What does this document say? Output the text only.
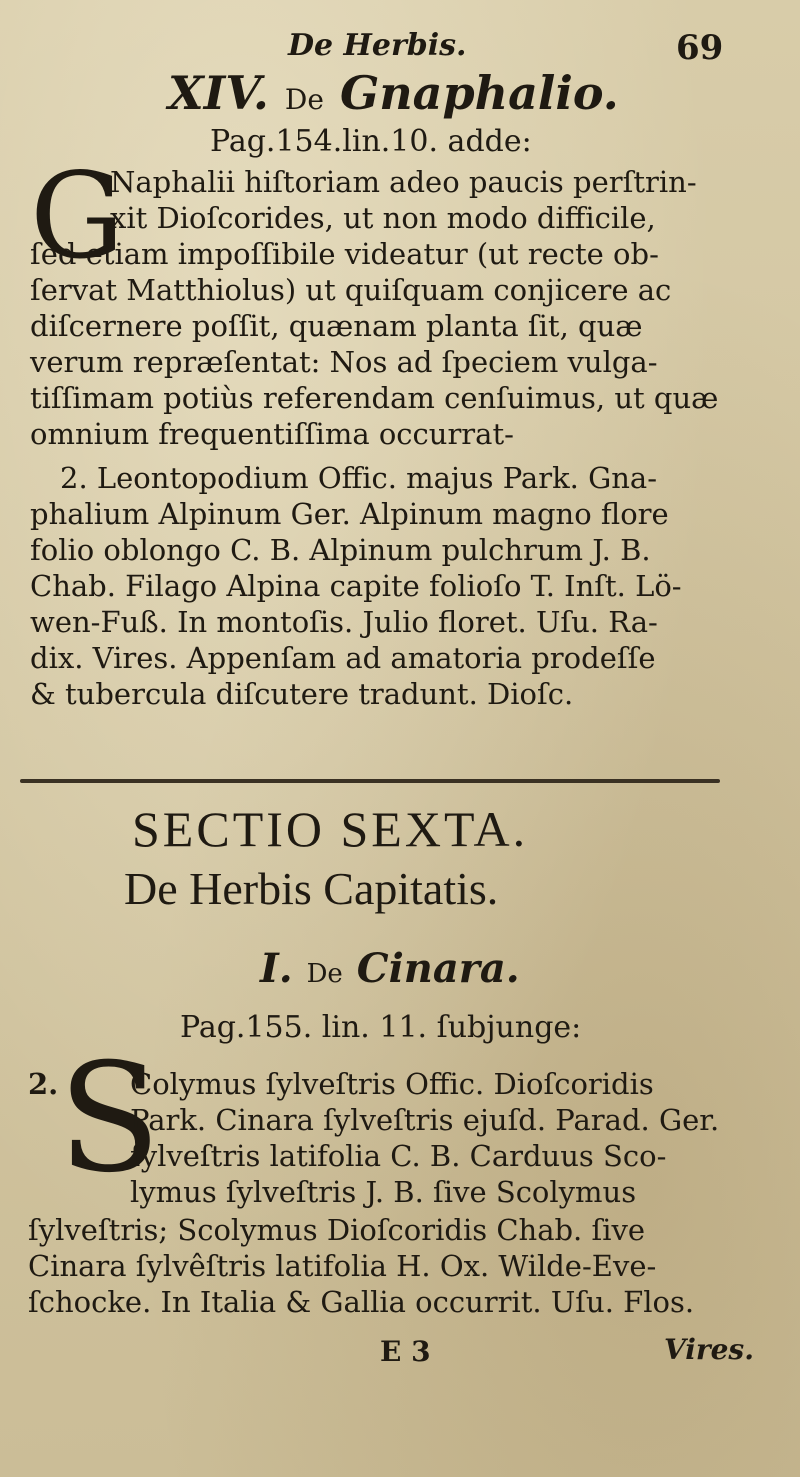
De Herbis.	69
XIV. De Gnaphalio.
Pag.154.lin.10. adde:
G
Naphalii hiſtoriam adeo paucis perſtrin-
xit Dioſcorides, ut non modo difficile,
ſed etiam impoſſibile videatur (ut recte ob-
ſervat Matthiolus) ut quiſquam conjicere ac
diſcernere poſſit, quænam planta ſit, quæ
verum repræſentat: Nos ad ſpeciem vulga-
tiſſimam potiùs referendam cenſuimus, ut quæ
omnium frequentiſſima occurrat-
2. Leontopodium Offic. majus Park. Gna-
phalium Alpinum Ger. Alpinum magno flore
folio oblongo C. B. Alpinum pulchrum J. B.
Chab. Filago Alpina capite folioſo T. Inſt. Lö-
wen-Fuß. In montoſis. Julio floret. Uſu. Ra-
dix. Vires. Appenſam ad amatoria prodeſſe
& tubercula diſcutere tradunt. Dioſc.
SECTIO SEXTA.
De Herbis Capitatis.
I. De Cinara.
Pag.155. lin. 11. ſubjunge:
2. S
Colymus ſylveſtris Offic. Dioſcoridis
Park. Cinara ſylveſtris ejuſd. Parad. Ger.
ſylveſtris latifolia C. B. Carduus Sco-
lymus ſylveſtris J. B. ſive Scolymus
ſylveſtris; Scolymus Dioſcoridis Chab. ſive
Cinara ſylvêſtris latifolia H. Ox. Wilde-Eve-
ſchocke. In Italia & Gallia occurrit. Uſu. Flos.
E 3	Vires.
